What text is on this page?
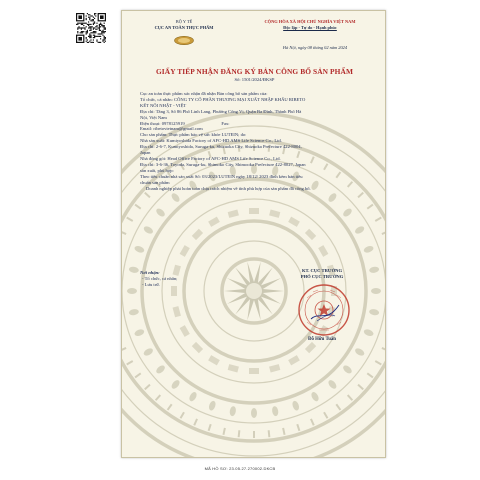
BỘ Y TẾ
CỤC AN TOÀN THỰC PHẨM
CỘNG HÒA XÃ HỘI CHỦ NGHĨA VIỆT NAM
Độc lập - Tự do - Hạnh phúc
Hà Nội, ngày 08 tháng 02 năm 2024
GIẤY TIẾP NHẬN ĐĂNG KÝ BẢN CÔNG BỐ SẢN PHẨM
Số: 1501/2024/ĐKSP
Cục an toàn thực phẩm xác nhận đã nhận Bản công bố sản phẩm của:
Tổ chức, cá nhân: CÔNG TY CỔ PHẦN THƯƠNG MẠI XUẤT NHẬP KHẨU RIBETO
KẾT NỐI NHẬT - VIỆT
Địa chỉ: Tầng 3, Số 86 Phố Linh Lang, Phường Cống Vị, Quận Ba Đình, Thành Phố Hà
Nội, Việt Nam
Điện thoại: 0978125919                                Fax:
Email: ribetovietnam@gmail.com
Cho sản phẩm: Thực phẩm bảo vệ sức khỏe LUTEIN; do:
Nhà sản xuất: Kumiyoshida Factory of AFC-HD AMS Life Science Co., Ltd.
Địa chỉ: 2-6-7, Kumiyoshida, Suruga-ku, Shizuoka City, Shizuoka Prefecture 422-8004,
Japan
Nhà đóng gói: Head Office Factory of AFC-HD AMS Life Science Co., Ltd.
Địa chỉ: 3-6-36, Toyoda, Suruga-ku, Shimoko City, Shimooka Prefecture 422-8027, Japan
sản xuất, phù hợp:
Theo tiêu chuẩn nhà sản xuất Số: 03/2023/LUTEIN ngày 18/12/ 2023 đính kèm bản tiêu
chuẩn sản phẩm
Doanh nghiệp phải hoàn toàn chịu trách nhiệm về tính phù hợp của sản phẩm đã công bố.
Nơi nhận:
- Tổ chức, cá nhân;
- Lưu trữ.
KT. CỤC TRƯỞNG
PHÓ CỤC TRƯỞNG
Đỗ Hữu Tuấn
MÃ HỒ SƠ: 23.05.27.270002.DKCB
